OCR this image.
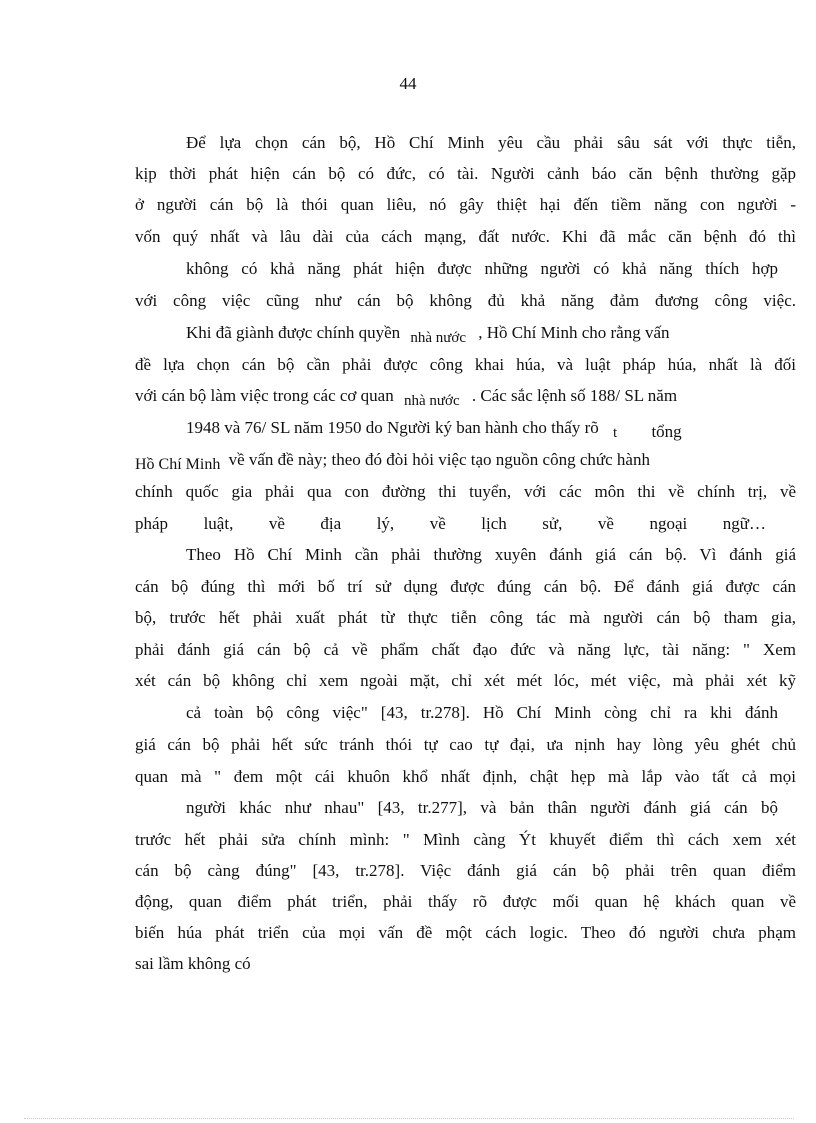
44
Để lựa chọn cán bộ, Hồ Chí Minh yêu cầu phải sâu sát với thực tiễn,
kịp thời phát hiện cán bộ có đức, có tài. Người cảnh báo căn bệnh thường gặp
ở người cán bộ là thói quan liêu, nó gây thiệt hại đến tiềm năng con người -
vốn quý nhất và lâu dài của cách mạng, đất nước. Khi đã mắc căn bệnh đó thì
không có khả năng phát hiện được những người có khả năng thích hợp
với công việc cũng như cán bộ không đủ khả năng đảm đương công việc.
Khi đã giành được chính quyền nhà nước , Hồ Chí Minh cho rằng vấn
đề lựa chọn cán bộ cần phải được công khai húa, và luật pháp húa, nhất là đối
với cán bộ làm việc trong các cơ quan nhà nước . Các sắc lệnh số 188/ SL năm
1948 và 76/ SL năm 1950 do Người ký ban hành cho thấy rõ t tổng
Hồ Chí Minh về vấn đề này; theo đó đòi hỏi việc tạo nguồn công chức hành
chính quốc gia phải qua con đường thi tuyển, với các môn thi về chính trị, về
pháp luật, về địa lý, về lịch sử, về ngoại ngữ…
Theo Hồ Chí Minh cần phải thường xuyên đánh giá cán bộ. Vì đánh giá
cán bộ đúng thì mới bố trí sử dụng được đúng cán bộ. Để đánh giá được cán
bộ, trước hết phải xuất phát từ thực tiễn công tác mà người cán bộ tham gia,
phải đánh giá cán bộ cả về phẩm chất đạo đức và năng lực, tài năng: " Xem
xét cán bộ không chỉ xem ngoài mặt, chỉ xét mét lóc, mét việc, mà phải xét kỹ
cả toàn bộ công việc" [43, tr.278]. Hồ Chí Minh còng chỉ ra khi đánh
giá cán bộ phải hết sức tránh thói tự cao tự đại, ưa nịnh hay lòng yêu ghét chủ
quan mà " đem một cái khuôn khổ nhất định, chật hẹp mà lắp vào tất cả mọi
người khác như nhau" [43, tr.277], và bản thân người đánh giá cán bộ
trước hết phải sửa chính mình: " Mình càng Ýt khuyết điểm thì cách xem xét
cán bộ càng đúng" [43, tr.278]. Việc đánh giá cán bộ phải trên quan điểm
động, quan điểm phát triển, phải thấy rõ được mối quan hệ khách quan về
biến húa phát triển của mọi vấn đề một cách logic. Theo đó người chưa phạm
sai lầm không có
